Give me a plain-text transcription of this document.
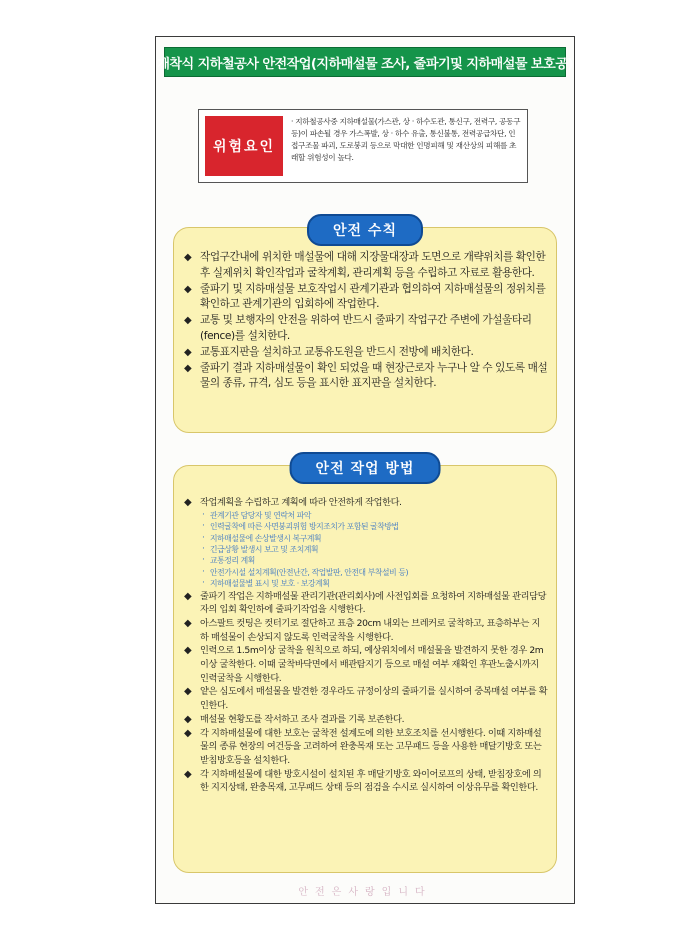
개착식 지하철공사 안전작업(지하매설물 조사, 줄파기및 지하매설물 보호공)
위험요인
· 지하철공사중 지하매설물(가스관, 상 · 하수도관, 통신구, 전력구, 공동구 등)이 파손될 경우 가스폭발, 상 · 하수 유출, 통신불통, 전력공급차단, 인접구조물 파괴, 도로붕괴 등으로 막대한 인명피해 및 재산상의 피해를 초래할 위험성이 높다.
안전 수칙
◆ 작업구간내에 위치한 매설물에 대해 지장물대장과 도면으로 개략위치를 확인한 후 실제위치 확인작업과 굴착계획, 관리계획 등을 수립하고 자료로 활용한다.
◆ 줄파기 및 지하매설물 보호작업시 관계기관과 협의하여 지하매설물의 정위치를 확인하고 관계기관의 입회하에 작업한다.
◆ 교통 및 보행자의 안전을 위하여 반드시 줄파기 작업구간 주변에 가설울타리(fence)를 설치한다.
◆ 교통표지판을 설치하고 교통유도원을 반드시 전방에 배치한다.
◆ 줄파기 결과 지하매설물이 확인 되었을 때 현장근로자 누구나 알 수 있도록 매설물의 종류, 규격, 심도 등을 표시한 표지판을 설치한다.
안전 작업 방법
◆ 작업계획을 수립하고 계획에 따라 안전하게 작업한다.
· 관계기관 담당자 및 연락처 파악
· 인력굴착에 따른 사면붕괴위험 방지조치가 포함된 굴착방법
· 지하매설물에 손상발생시 복구계획
· 긴급상황 발생시 보고 및 조치계획
· 교통정리 계획
· 안전가시설 설치계획(안전난간, 작업발판, 안전대 부착설비 등)
· 지하매설물별 표시 및 보호 · 보강계획
◆ 줄파기 작업은 지하매설물 관리기관(관리회사)에 사전입회를 요청하여 지하매설물 관리담당자의 입회 확인하에 줄파기작업을 시행한다.
◆ 아스팔트 컷팅은 컷터기로 절단하고 표층 20cm 내외는 브레커로 굴착하고, 표층하부는 지하 매설물이 손상되지 않도록 인력굴착을 시행한다.
◆ 인력으로 1.5m이상 굴착을 원칙으로 하되, 예상위치에서 매설물을 발견하지 못한 경우 2m이상 굴착한다. 이때 굴착바닥면에서 배관탐지기 등으로 매설 여부 재확인 후관노출시까지 인력굴착을 시행한다.
◆ 얕은 심도에서 매설물을 발견한 경우라도 규정이상의 줄파기를 실시하여 중복매설 여부를 확인한다.
◆ 매설물 현황도를 작서하고 조사 결과를 기록 보존한다.
◆ 각 지하매설물에 대한 보호는 굴착전 설계도에 의한 보호조치를 선시행한다. 이때 지하매설물의 종류 현장의 여건등을 고려하여 완충목재 또는 고무패드 등을 사용한 매달기방호 또는 받침방호등을 설치한다.
◆ 각 지하매설물에 대한 방호시설이 설치된 후 매달기방호 와이어로프의 상태, 받침장호에 의한 지지상태, 완충목재, 고무패드 상태 등의 점검을 수시로 실시하여 이상유무를 확인한다.
안전은사랑입니다
